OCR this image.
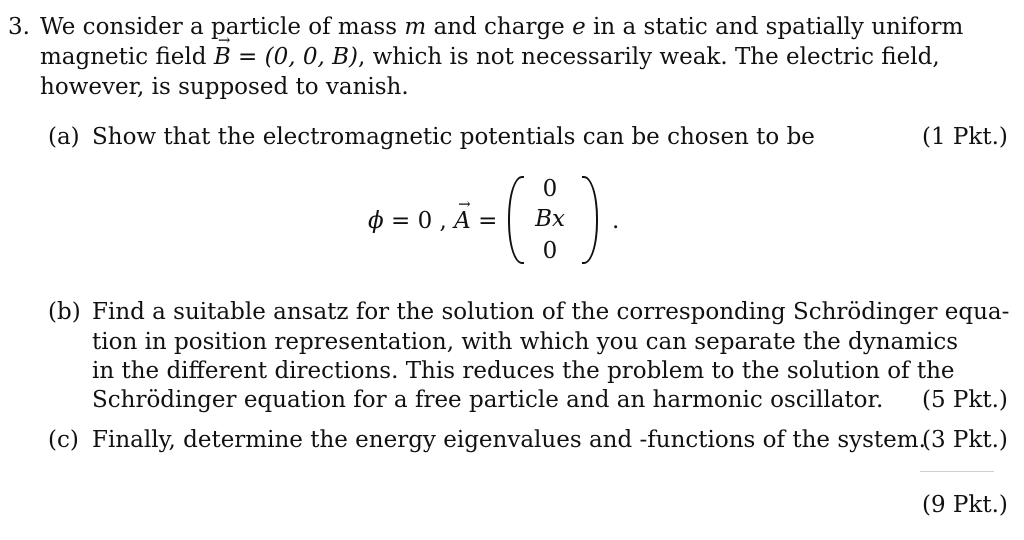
3. We consider a particle of mass m and charge e in a static and spatially uniform
magnetic field → B = (0, 0, B), which is not necessarily weak. The electric field,
however, is supposed to vanish.
(a) Show that the electromagnetic potentials can be chosen to be	(1 Pkt.)
ϕ = 0 , → A =
0
Bx
0
.
(b) Find a suitable ansatz for the solution of the corresponding Schrödinger equa-
tion in position representation, with which you can separate the dynamics
in the different directions. This reduces the problem to the solution of the
Schrödinger equation for a free particle and an harmonic oscillator. (5 Pkt.)
(c) Finally, determine the energy eigenvalues and -functions of the system.
(3 Pkt.)
(9 Pkt.)
